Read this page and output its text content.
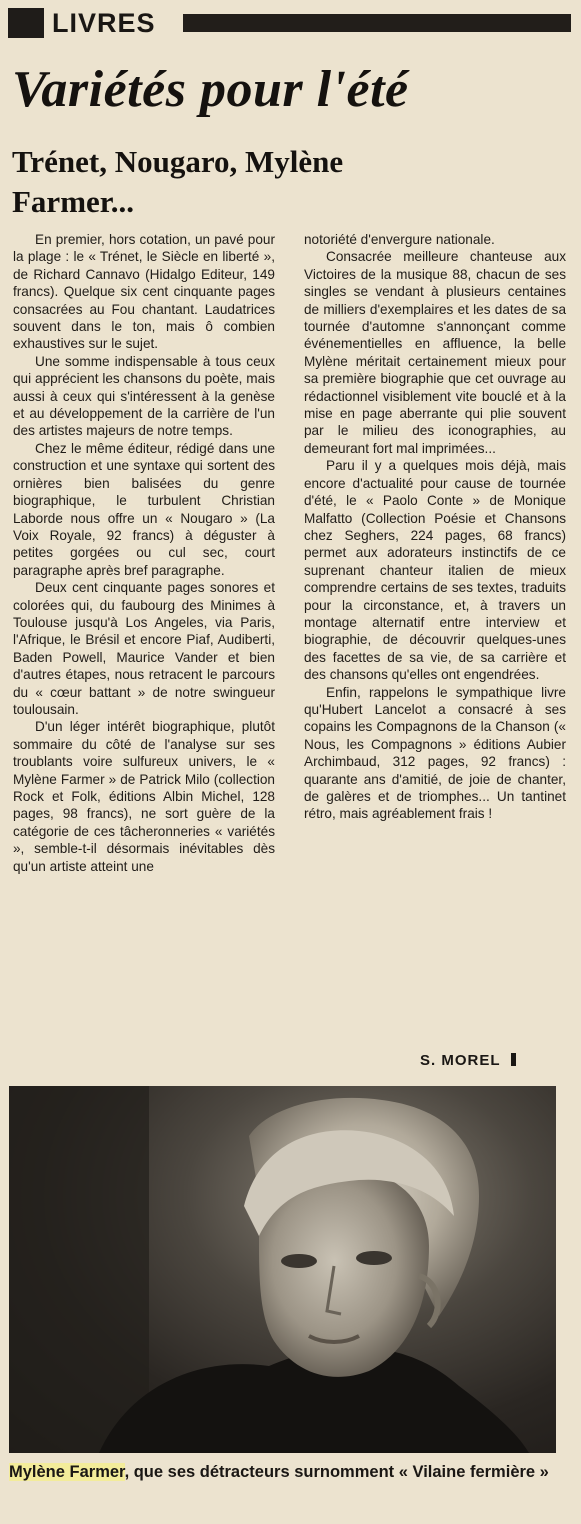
LIVRES
Variétés pour l'été
Trénet, Nougaro, Mylène Farmer...

En premier, hors cotation, un pavé pour la plage : le « Trénet, le Siècle en liberté », de Richard Cannavo (Hidalgo Editeur, 149 francs). Quelque six cent cinquante pages consacrées au Fou chantant. Laudatrices souvent dans le ton, mais ô combien exhaustives sur le sujet.

Une somme indispensable à tous ceux qui apprécient les chansons du poète, mais aussi à ceux qui s'intéressent à la genèse et au développement de la carrière de l'un des artistes majeurs de notre temps.

Chez le même éditeur, rédigé dans une construction et une syntaxe qui sortent des ornières bien balisées du genre biographique, le turbulent Christian Laborde nous offre un « Nougaro » (La Voix Royale, 92 francs) à déguster à petites gorgées ou cul sec, court paragraphe après bref paragraphe.

Deux cent cinquante pages sonores et colorées qui, du faubourg des Minimes à Toulouse jusqu'à Los Angeles, via Paris, l'Afrique, le Brésil et encore Piaf, Audiberti, Baden Powell, Maurice Vander et bien d'autres étapes, nous retracent le parcours du « cœur battant » de notre swingueur toulousain.

D'un léger intérêt biographique, plutôt sommaire du côté de l'analyse sur ses troublants voire sulfureux univers, le « Mylène Farmer » de Patrick Milo (collection Rock et Folk, éditions Albin Michel, 128 pages, 98 francs), ne sort guère de la catégorie de ces tâcheronneries « variétés », semble-t-il désormais inévitables dès qu'un artiste atteint une

notoriété d'envergure nationale.

Consacrée meilleure chanteuse aux Victoires de la musique 88, chacun de ses singles se vendant à plusieurs centaines de milliers d'exemplaires et les dates de sa tournée d'automne s'annonçant comme événementielles en affluence, la belle Mylène méritait certainement mieux pour sa première biographie que cet ouvrage au rédactionnel visiblement vite bouclé et à la mise en page aberrante qui plie souvent par le milieu des iconographies, au demeurant fort mal imprimées...

Paru il y a quelques mois déjà, mais encore d'actualité pour cause de tournée d'été, le « Paolo Conte » de Monique Malfatto (Collection Poésie et Chansons chez Seghers, 224 pages, 68 francs) permet aux adorateurs instinctifs de ce suprenant chanteur italien de mieux comprendre certains de ses textes, traduits pour la circonstance, et, à travers un montage alternatif entre interview et biographie, de découvrir quelques-unes des facettes de sa vie, de sa carrière et des chansons qu'elles ont engendrées.

Enfin, rappelons le sympathique livre qu'Hubert Lancelot a consacré à ses copains les Compagnons de la Chanson (« Nous, les Compagnons » éditions Aubier Archimbaud, 312 pages, 92 francs) : quarante ans d'amitié, de joie de chanter, de galères et de triomphes... Un tantinet rétro, mais agréablement frais !

S. MOREL
Mylène Farmer, que ses détracteurs surnomment « Vilaine fermière »
